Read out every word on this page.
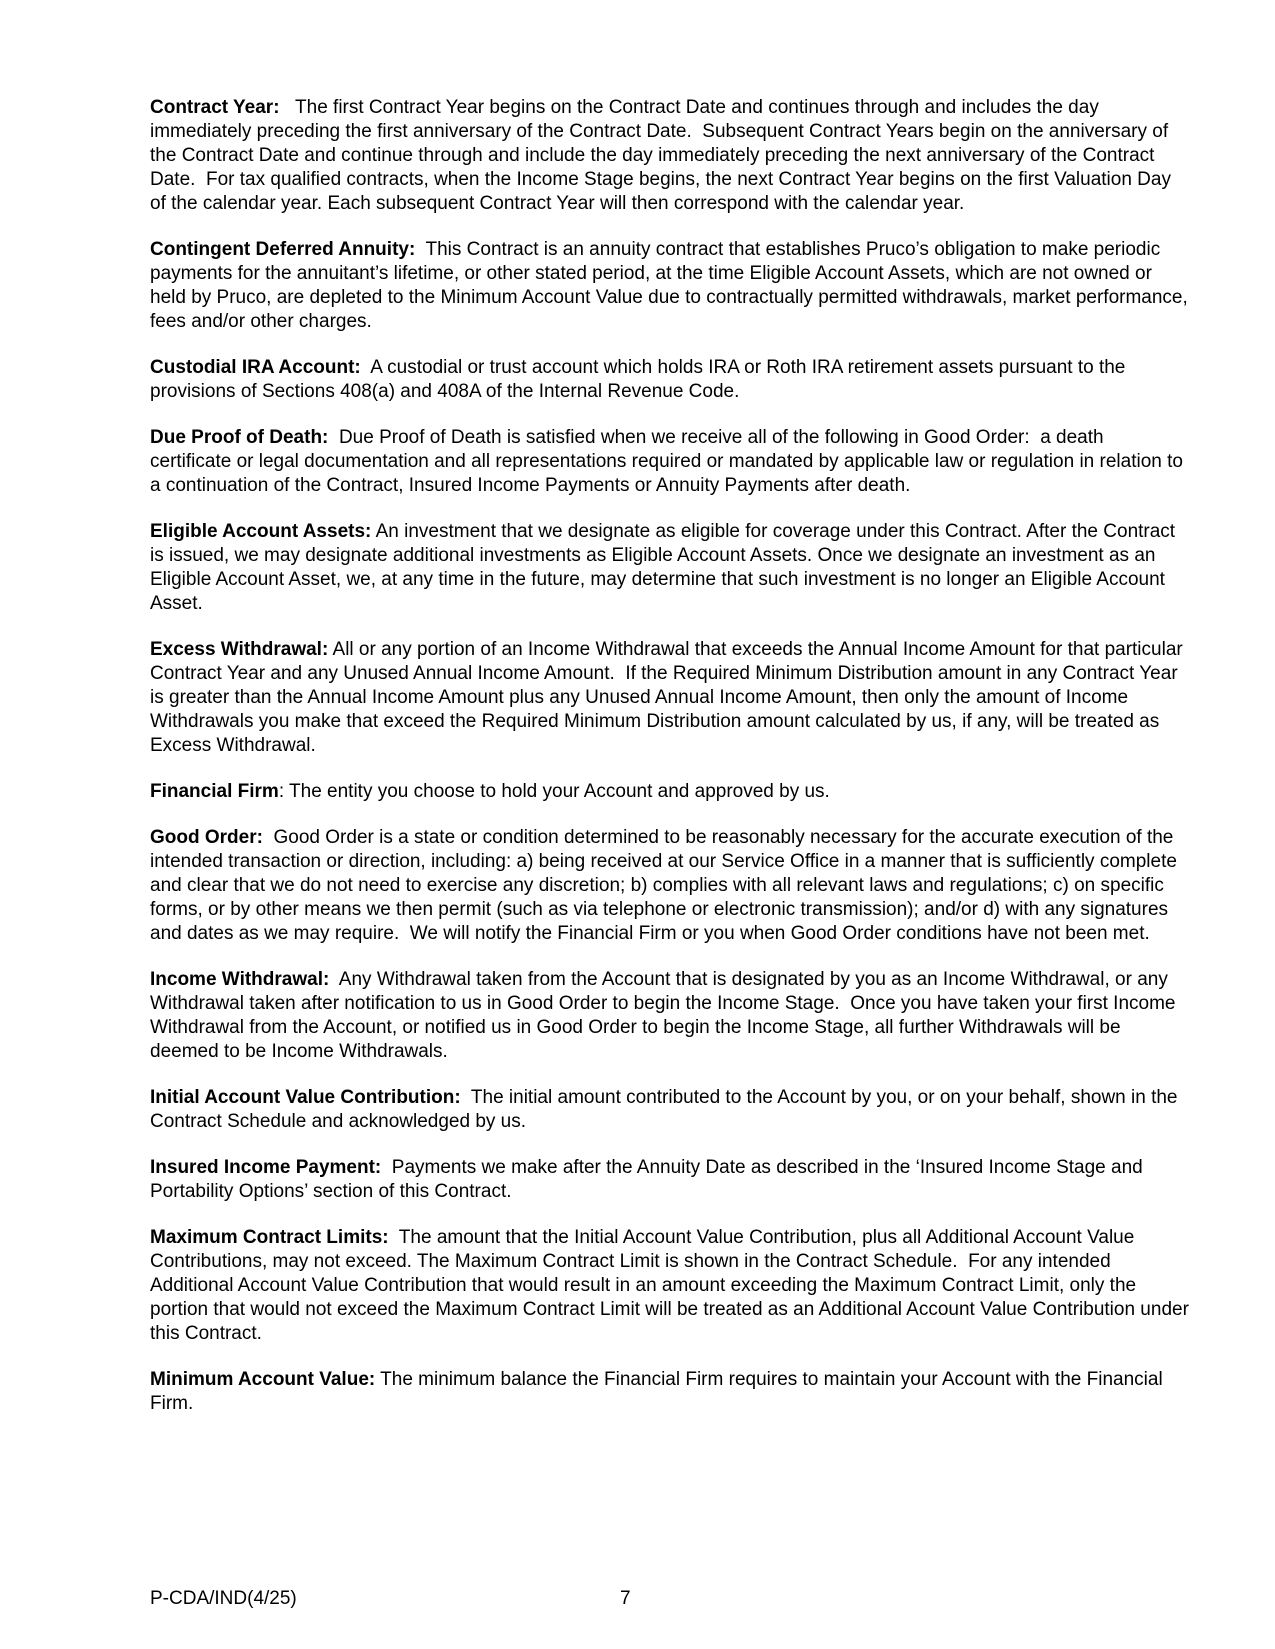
Contract Year:   The first Contract Year begins on the Contract Date and continues through and includes the day immediately preceding the first anniversary of the Contract Date.  Subsequent Contract Years begin on the anniversary of the Contract Date and continue through and include the day immediately preceding the next anniversary of the Contract Date.  For tax qualified contracts, when the Income Stage begins, the next Contract Year begins on the first Valuation Day of the calendar year. Each subsequent Contract Year will then correspond with the calendar year.

Contingent Deferred Annuity:  This Contract is an annuity contract that establishes Pruco’s obligation to make periodic payments for the annuitant’s lifetime, or other stated period, at the time Eligible Account Assets, which are not owned or held by Pruco, are depleted to the Minimum Account Value due to contractually permitted withdrawals, market performance, fees and/or other charges.

Custodial IRA Account:  A custodial or trust account which holds IRA or Roth IRA retirement assets pursuant to the provisions of Sections 408(a) and 408A of the Internal Revenue Code.

Due Proof of Death:  Due Proof of Death is satisfied when we receive all of the following in Good Order:  a death certificate or legal documentation and all representations required or mandated by applicable law or regulation in relation to a continuation of the Contract, Insured Income Payments or Annuity Payments after death.

Eligible Account Assets: An investment that we designate as eligible for coverage under this Contract. After the Contract is issued, we may designate additional investments as Eligible Account Assets. Once we designate an investment as an Eligible Account Asset, we, at any time in the future, may determine that such investment is no longer an Eligible Account Asset.

Excess Withdrawal: All or any portion of an Income Withdrawal that exceeds the Annual Income Amount for that particular Contract Year and any Unused Annual Income Amount.  If the Required Minimum Distribution amount in any Contract Year is greater than the Annual Income Amount plus any Unused Annual Income Amount, then only the amount of Income Withdrawals you make that exceed the Required Minimum Distribution amount calculated by us, if any, will be treated as Excess Withdrawal.

Financial Firm: The entity you choose to hold your Account and approved by us.

Good Order:  Good Order is a state or condition determined to be reasonably necessary for the accurate execution of the intended transaction or direction, including: a) being received at our Service Office in a manner that is sufficiently complete and clear that we do not need to exercise any discretion; b) complies with all relevant laws and regulations; c) on specific forms, or by other means we then permit (such as via telephone or electronic transmission); and/or d) with any signatures and dates as we may require.  We will notify the Financial Firm or you when Good Order conditions have not been met.

Income Withdrawal:  Any Withdrawal taken from the Account that is designated by you as an Income Withdrawal, or any Withdrawal taken after notification to us in Good Order to begin the Income Stage.  Once you have taken your first Income Withdrawal from the Account, or notified us in Good Order to begin the Income Stage, all further Withdrawals will be deemed to be Income Withdrawals.

Initial Account Value Contribution:  The initial amount contributed to the Account by you, or on your behalf, shown in the Contract Schedule and acknowledged by us.

Insured Income Payment:  Payments we make after the Annuity Date as described in the ‘Insured Income Stage and Portability Options’ section of this Contract.

Maximum Contract Limits:  The amount that the Initial Account Value Contribution, plus all Additional Account Value Contributions, may not exceed. The Maximum Contract Limit is shown in the Contract Schedule.  For any intended Additional Account Value Contribution that would result in an amount exceeding the Maximum Contract Limit, only the portion that would not exceed the Maximum Contract Limit will be treated as an Additional Account Value Contribution under this Contract.

Minimum Account Value: The minimum balance the Financial Firm requires to maintain your Account with the Financial Firm.

P-CDA/IND(4/25)	7
